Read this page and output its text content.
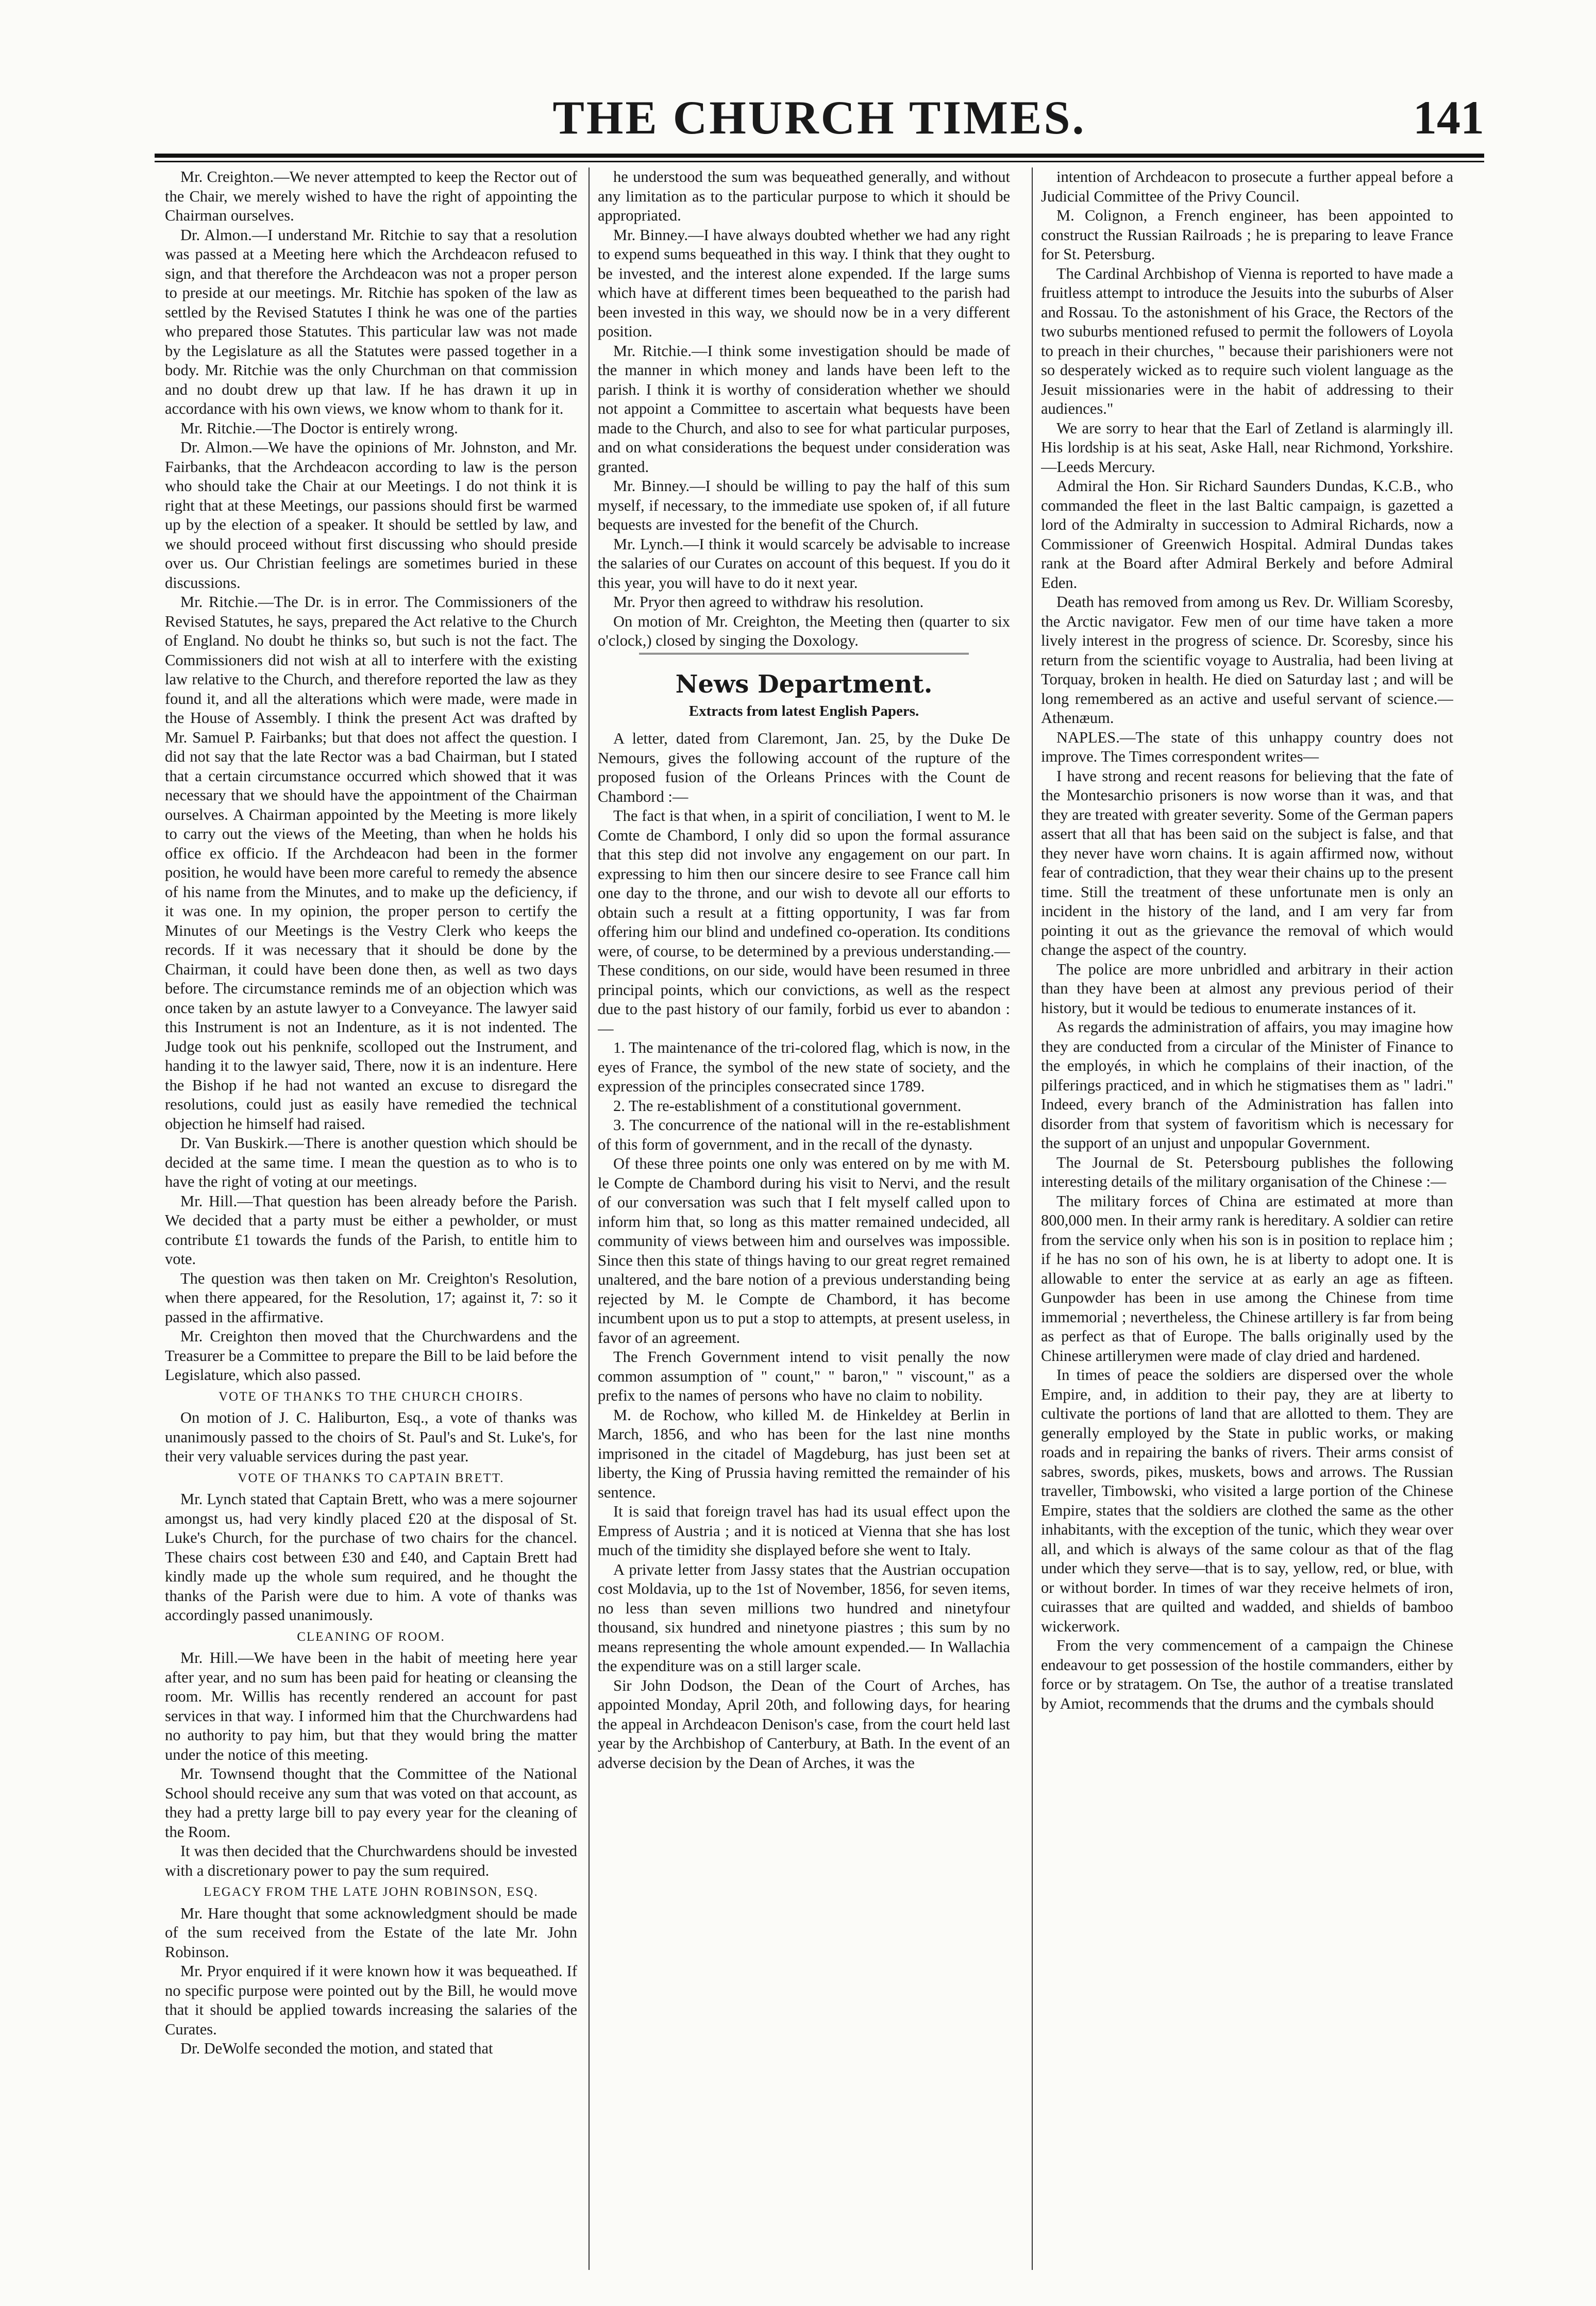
THE CHURCH TIMES.	141

Mr. Creighton.—We never attempted to keep the Rector out of the Chair, we merely wished to have the right of appointing the Chairman ourselves.

Dr. Almon.—I understand Mr. Ritchie to say that a resolution was passed at a Meeting here which the Archdeacon refused to sign, and that therefore the Archdeacon was not a proper person to preside at our meetings. Mr. Ritchie has spoken of the law as settled by the Revised Statutes I think he was one of the parties who prepared those Statutes. This particular law was not made by the Legislature as all the Statutes were passed together in a body. Mr. Ritchie was the only Churchman on that commission and no doubt drew up that law. If he has drawn it up in accordance with his own views, we know whom to thank for it.

Mr. Ritchie.—The Doctor is entirely wrong.

Dr. Almon.—We have the opinions of Mr. Johnston, and Mr. Fairbanks, that the Archdeacon according to law is the person who should take the Chair at our Meetings. I do not think it is right that at these Meetings, our passions should first be warmed up by the election of a speaker. It should be settled by law, and we should proceed without first discussing who should preside over us. Our Christian feelings are sometimes buried in these discussions.

Mr. Ritchie.—The Dr. is in error. The Commissioners of the Revised Statutes, he says, prepared the Act relative to the Church of England. No doubt he thinks so, but such is not the fact. The Commissioners did not wish at all to interfere with the existing law relative to the Church, and therefore reported the law as they found it, and all the alterations which were made, were made in the House of Assembly. I think the present Act was drafted by Mr. Samuel P. Fairbanks; but that does not affect the question. I did not say that the late Rector was a bad Chairman, but I stated that a certain circumstance occurred which showed that it was necessary that we should have the appointment of the Chairman ourselves. A Chairman appointed by the Meeting is more likely to carry out the views of the Meeting, than when he holds his office ex officio. If the Archdeacon had been in the former position, he would have been more careful to remedy the absence of his name from the Minutes, and to make up the deficiency, if it was one. In my opinion, the proper person to certify the Minutes of our Meetings is the Vestry Clerk who keeps the records. If it was necessary that it should be done by the Chairman, it could have been done then, as well as two days before. The circumstance reminds me of an objection which was once taken by an astute lawyer to a Conveyance. The lawyer said this Instrument is not an Indenture, as it is not indented. The Judge took out his penknife, scolloped out the Instrument, and handing it to the lawyer said, There, now it is an indenture. Here the Bishop if he had not wanted an excuse to disregard the resolutions, could just as easily have remedied the technical objection he himself had raised.

Dr. Van Buskirk.—There is another question which should be decided at the same time. I mean the question as to who is to have the right of voting at our meetings.

Mr. Hill.—That question has been already before the Parish. We decided that a party must be either a pewholder, or must contribute £1 towards the funds of the Parish, to entitle him to vote.

The question was then taken on Mr. Creighton's Resolution, when there appeared, for the Resolution, 17; against it, 7: so it passed in the affirmative.

Mr. Creighton then moved that the Churchwardens and the Treasurer be a Committee to prepare the Bill to be laid before the Legislature, which also passed.

VOTE OF THANKS TO THE CHURCH CHOIRS.

On motion of J. C. Haliburton, Esq., a vote of thanks was unanimously passed to the choirs of St. Paul's and St. Luke's, for their very valuable services during the past year.

VOTE OF THANKS TO CAPTAIN BRETT.

Mr. Lynch stated that Captain Brett, who was a mere sojourner amongst us, had very kindly placed £20 at the disposal of St. Luke's Church, for the purchase of two chairs for the chancel. These chairs cost between £30 and £40, and Captain Brett had kindly made up the whole sum required, and he thought the thanks of the Parish were due to him. A vote of thanks was accordingly passed unanimously.

CLEANING OF ROOM.

Mr. Hill.—We have been in the habit of meeting here year after year, and no sum has been paid for heating or cleansing the room. Mr. Willis has recently rendered an account for past services in that way. I informed him that the Churchwardens had no authority to pay him, but that they would bring the matter under the notice of this meeting.

Mr. Townsend thought that the Committee of the National School should receive any sum that was voted on that account, as they had a pretty large bill to pay every year for the cleaning of the Room.

It was then decided that the Churchwardens should be invested with a discretionary power to pay the sum required.

LEGACY FROM THE LATE JOHN ROBINSON, ESQ.

Mr. Hare thought that some acknowledgment should be made of the sum received from the Estate of the late Mr. John Robinson.

Mr. Pryor enquired if it were known how it was bequeathed. If no specific purpose were pointed out by the Bill, he would move that it should be applied towards increasing the salaries of the Curates.

Dr. DeWolfe seconded the motion, and stated that

he understood the sum was bequeathed generally, and without any limitation as to the particular purpose to which it should be appropriated.

Mr. Binney.—I have always doubted whether we had any right to expend sums bequeathed in this way. I think that they ought to be invested, and the interest alone expended. If the large sums which have at different times been bequeathed to the parish had been invested in this way, we should now be in a very different position.

Mr. Ritchie.—I think some investigation should be made of the manner in which money and lands have been left to the parish. I think it is worthy of consideration whether we should not appoint a Committee to ascertain what bequests have been made to the Church, and also to see for what particular purposes, and on what considerations the bequest under consideration was granted.

Mr. Binney.—I should be willing to pay the half of this sum myself, if necessary, to the immediate use spoken of, if all future bequests are invested for the benefit of the Church.

Mr. Lynch.—I think it would scarcely be advisable to increase the salaries of our Curates on account of this bequest. If you do it this year, you will have to do it next year.

Mr. Pryor then agreed to withdraw his resolution.

On motion of Mr. Creighton, the Meeting then (quarter to six o'clock,) closed by singing the Doxology.

News Department.
Extracts from latest English Papers.

A letter, dated from Claremont, Jan. 25, by the Duke De Nemours, gives the following account of the rupture of the proposed fusion of the Orleans Princes with the Count de Chambord :—

The fact is that when, in a spirit of conciliation, I went to M. le Comte de Chambord, I only did so upon the formal assurance that this step did not involve any engagement on our part. In expressing to him then our sincere desire to see France call him one day to the throne, and our wish to devote all our efforts to obtain such a result at a fitting opportunity, I was far from offering him our blind and undefined co-operation. Its conditions were, of course, to be determined by a previous understanding.— These conditions, on our side, would have been resumed in three principal points, which our convictions, as well as the respect due to the past history of our family, forbid us ever to abandon :—

1. The maintenance of the tri-colored flag, which is now, in the eyes of France, the symbol of the new state of society, and the expression of the principles consecrated since 1789.

2. The re-establishment of a constitutional government.

3. The concurrence of the national will in the re-establishment of this form of government, and in the recall of the dynasty.

Of these three points one only was entered on by me with M. le Compte de Chambord during his visit to Nervi, and the result of our conversation was such that I felt myself called upon to inform him that, so long as this matter remained undecided, all community of views between him and ourselves was impossible. Since then this state of things having to our great regret remained unaltered, and the bare notion of a previous understanding being rejected by M. le Compte de Chambord, it has become incumbent upon us to put a stop to attempts, at present useless, in favor of an agreement.

The French Government intend to visit penally the now common assumption of " count," " baron," " viscount," as a prefix to the names of persons who have no claim to nobility.

M. de Rochow, who killed M. de Hinkeldey at Berlin in March, 1856, and who has been for the last nine months imprisoned in the citadel of Magdeburg, has just been set at liberty, the King of Prussia having remitted the remainder of his sentence.

It is said that foreign travel has had its usual effect upon the Empress of Austria ; and it is noticed at Vienna that she has lost much of the timidity she displayed before she went to Italy.

A private letter from Jassy states that the Austrian occupation cost Moldavia, up to the 1st of November, 1856, for seven items, no less than seven millions two hundred and ninetyfour thousand, six hundred and ninetyone piastres ; this sum by no means representing the whole amount expended.— In Wallachia the expenditure was on a still larger scale.

Sir John Dodson, the Dean of the Court of Arches, has appointed Monday, April 20th, and following days, for hearing the appeal in Archdeacon Denison's case, from the court held last year by the Archbishop of Canterbury, at Bath. In the event of an adverse decision by the Dean of Arches, it was the

intention of Archdeacon to prosecute a further appeal before a Judicial Committee of the Privy Council.

M. Colignon, a French engineer, has been appointed to construct the Russian Railroads ; he is preparing to leave France for St. Petersburg.

The Cardinal Archbishop of Vienna is reported to have made a fruitless attempt to introduce the Jesuits into the suburbs of Alser and Rossau. To the astonishment of his Grace, the Rectors of the two suburbs mentioned refused to permit the followers of Loyola to preach in their churches, " because their parishioners were not so desperately wicked as to require such violent language as the Jesuit missionaries were in the habit of addressing to their audiences."

We are sorry to hear that the Earl of Zetland is alarmingly ill. His lordship is at his seat, Aske Hall, near Richmond, Yorkshire.—Leeds Mercury.

Admiral the Hon. Sir Richard Saunders Dundas, K.C.B., who commanded the fleet in the last Baltic campaign, is gazetted a lord of the Admiralty in succession to Admiral Richards, now a Commissioner of Greenwich Hospital. Admiral Dundas takes rank at the Board after Admiral Berkely and before Admiral Eden.

Death has removed from among us Rev. Dr. William Scoresby, the Arctic navigator. Few men of our time have taken a more lively interest in the progress of science. Dr. Scoresby, since his return from the scientific voyage to Australia, had been living at Torquay, broken in health. He died on Saturday last ; and will be long remembered as an active and useful servant of science.—Athenæum.

NAPLES.—The state of this unhappy country does not improve. The Times correspondent writes—

I have strong and recent reasons for believing that the fate of the Montesarchio prisoners is now worse than it was, and that they are treated with greater severity. Some of the German papers assert that all that has been said on the subject is false, and that they never have worn chains. It is again affirmed now, without fear of contradiction, that they wear their chains up to the present time. Still the treatment of these unfortunate men is only an incident in the history of the land, and I am very far from pointing it out as the grievance the removal of which would change the aspect of the country.

The police are more unbridled and arbitrary in their action than they have been at almost any previous period of their history, but it would be tedious to enumerate instances of it.

As regards the administration of affairs, you may imagine how they are conducted from a circular of the Minister of Finance to the employés, in which he complains of their inaction, of the pilferings practiced, and in which he stigmatises them as " ladri." Indeed, every branch of the Administration has fallen into disorder from that system of favoritism which is necessary for the support of an unjust and unpopular Government.

The Journal de St. Petersbourg publishes the following interesting details of the military organisation of the Chinese :—

The military forces of China are estimated at more than 800,000 men. In their army rank is hereditary. A soldier can retire from the service only when his son is in position to replace him ; if he has no son of his own, he is at liberty to adopt one. It is allowable to enter the service at as early an age as fifteen. Gunpowder has been in use among the Chinese from time immemorial ; nevertheless, the Chinese artillery is far from being as perfect as that of Europe. The balls originally used by the Chinese artillerymen were made of clay dried and hardened.

In times of peace the soldiers are dispersed over the whole Empire, and, in addition to their pay, they are at liberty to cultivate the portions of land that are allotted to them. They are generally employed by the State in public works, or making roads and in repairing the banks of rivers. Their arms consist of sabres, swords, pikes, muskets, bows and arrows. The Russian traveller, Timbowski, who visited a large portion of the Chinese Empire, states that the soldiers are clothed the same as the other inhabitants, with the exception of the tunic, which they wear over all, and which is always of the same colour as that of the flag under which they serve—that is to say, yellow, red, or blue, with or without border. In times of war they receive helmets of iron, cuirasses that are quilted and wadded, and shields of bamboo wickerwork.

From the very commencement of a campaign the Chinese endeavour to get possession of the hostile commanders, either by force or by stratagem. On Tse, the author of a treatise translated by Amiot, recommends that the drums and the cymbals should
